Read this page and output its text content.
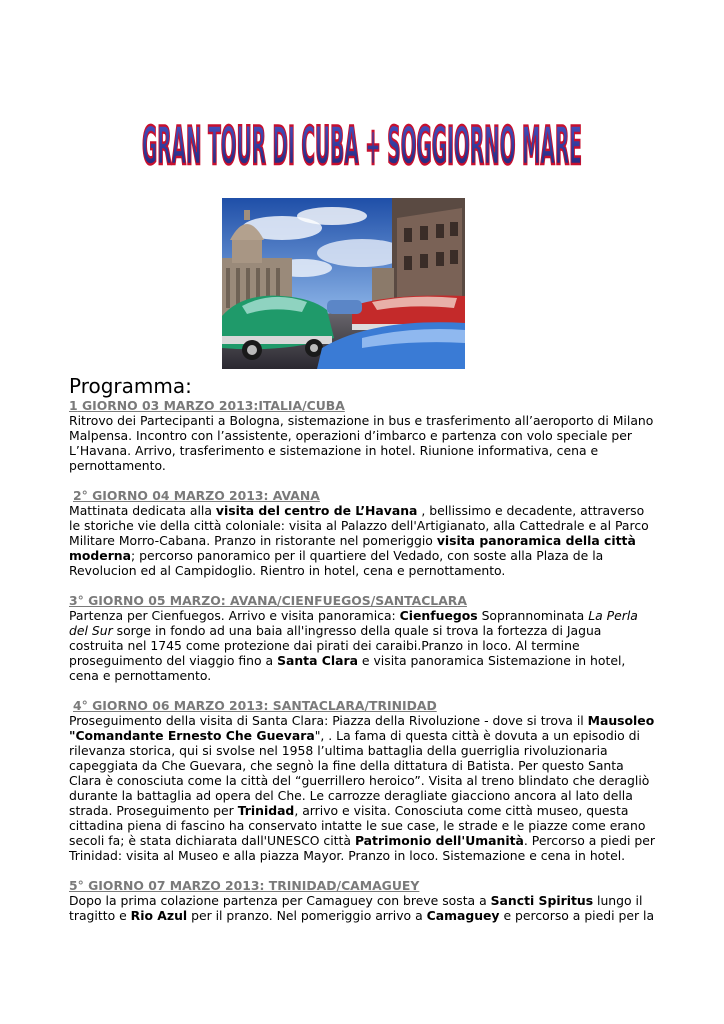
GRAN TOUR DI CUBA + SOGGIORNO MARE
Programma:
1 GIORNO 03 MARZO 2013:ITALIA/CUBA

Ritrovo dei Partecipanti a Bologna, sistemazione in bus e trasferimento all’aeroporto di Milano Malpensa. Incontro con l’assistente, operazioni d’imbarco e partenza con volo speciale per L’Havana. Arrivo, trasferimento e sistemazione in hotel. Riunione informativa, cena e pernottamento.

2° GIORNO 04 MARZO 2013: AVANA

Mattinata dedicata alla visita del centro de L’Havana , bellissimo e decadente, attraverso le storiche vie della città coloniale: visita al Palazzo dell'Artigianato, alla Cattedrale e al Parco Militare Morro-Cabana. Pranzo in ristorante nel pomeriggio visita panoramica della città moderna; percorso panoramico per il quartiere del Vedado, con soste alla Plaza de la Revolucion ed al Campidoglio. Rientro in hotel, cena e pernottamento.

3° GIORNO 05 MARZO: AVANA/CIENFUEGOS/SANTACLARA

Partenza per Cienfuegos. Arrivo e visita panoramica: Cienfuegos Soprannominata La Perla del Sur sorge in fondo ad una baia all'ingresso della quale si trova la fortezza di Jagua costruita nel 1745 come protezione dai pirati dei caraibi.Pranzo in loco. Al termine proseguimento del viaggio fino a Santa Clara e visita panoramica Sistemazione in hotel, cena e pernottamento.

4° GIORNO 06 MARZO 2013: SANTACLARA/TRINIDAD

Proseguimento della visita di Santa Clara: Piazza della Rivoluzione - dove si trova il Mausoleo "Comandante Ernesto Che Guevara", . La fama di questa città è dovuta a un episodio di rilevanza storica, qui si svolse nel 1958 l’ultima battaglia della guerriglia rivoluzionaria capeggiata da Che Guevara, che segnò la fine della dittatura di Batista. Per questo Santa Clara è conosciuta come la città del “guerrillero heroico”. Visita al treno blindato che deragliò durante la battaglia ad opera del Che. Le carrozze deragliate giacciono ancora al lato della strada. Proseguimento per Trinidad, arrivo e visita. Conosciuta come città museo, questa cittadina piena di fascino ha conservato intatte le sue case, le strade e le piazze come erano secoli fa; è stata dichiarata dall'UNESCO città Patrimonio dell'Umanità. Percorso a piedi per Trinidad: visita al Museo e alla piazza Mayor. Pranzo in loco. Sistemazione e cena in hotel.

5° GIORNO 07 MARZO 2013: TRINIDAD/CAMAGUEY

Dopo la prima colazione partenza per Camaguey con breve sosta a Sancti Spiritus lungo il tragitto e Rio Azul per il pranzo. Nel pomeriggio arrivo a Camaguey e percorso a piedi per la
